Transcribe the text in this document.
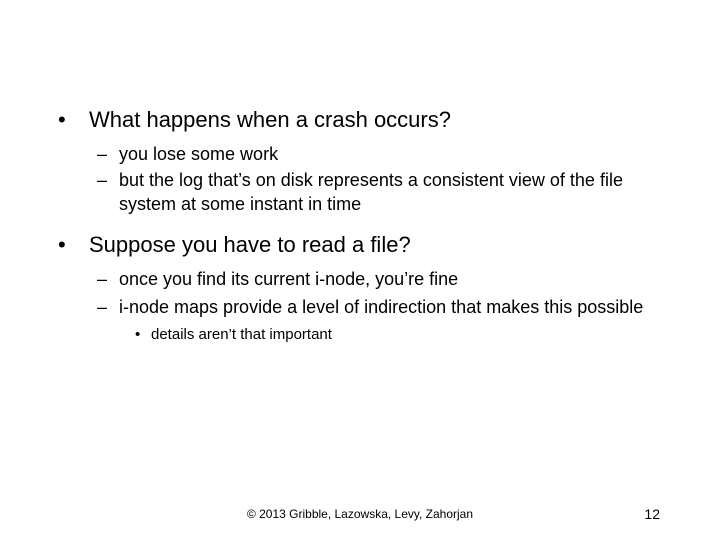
• What happens when a crash occurs?

– you lose some work

– but the log that’s on disk represents a consistent view of the file system at some instant in time

• Suppose you have to read a file?

– once you find its current i-node, you’re fine

– i-node maps provide a level of indirection that makes this possible

• details aren’t that important

© 2013 Gribble, Lazowska, Levy, Zahorjan	12
